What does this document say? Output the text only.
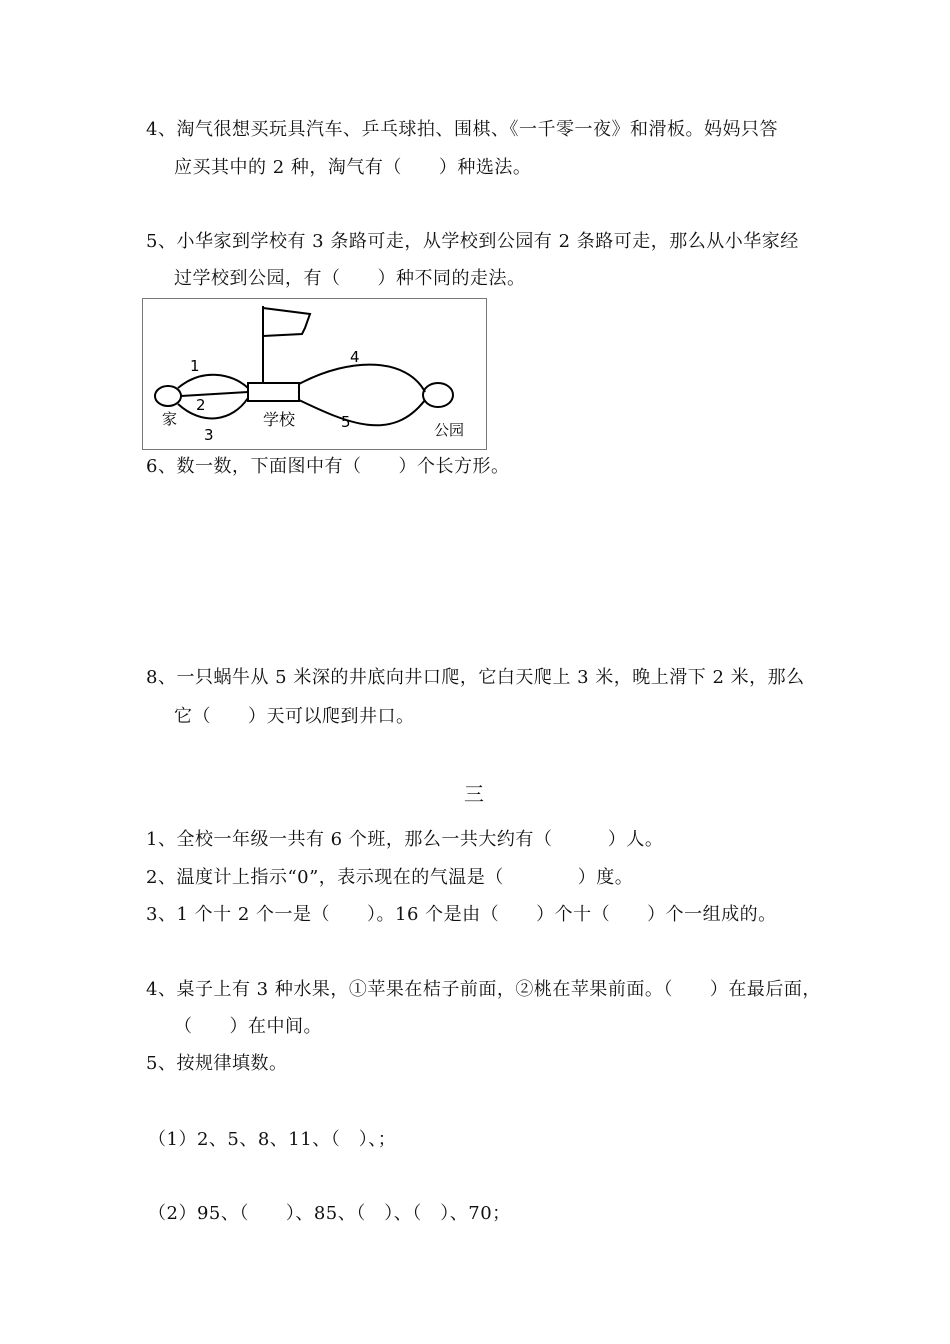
4、淘气很想买玩具汽车、乒乓球拍、围棋、《一千零一夜》和滑板。妈妈只答
应买其中的 2 种，淘气有（　　）种选法。
5、小华家到学校有 3 条路可走，从学校到公园有 2 条路可走，那么从小华家经
过学校到公园，有（　　）种不同的走法。
1
2
3
4
5
家	学校
公园
6、数一数，下面图中有（　　）个长方形。
8、一只蜗牛从 5 米深的井底向井口爬，它白天爬上 3 米，晚上滑下 2 米，那么
它（　　）天可以爬到井口。
三
1、全校一年级一共有 6 个班，那么一共大约有（　　　）人。
2、温度计上指示“0”，表示现在的气温是（　　　　）度。
3、1 个十 2 个一是（　　）。16 个是由（　　）个十（　　）个一组成的。
4、桌子上有 3 种水果，①苹果在桔子前面，②桃在苹果前面。（　　）在最后面，
（　　）在中间。
5、按规律填数。
（1）2、5、8、11、（　）、；
（2）95、（　　）、85、（　）、（　）、70；
